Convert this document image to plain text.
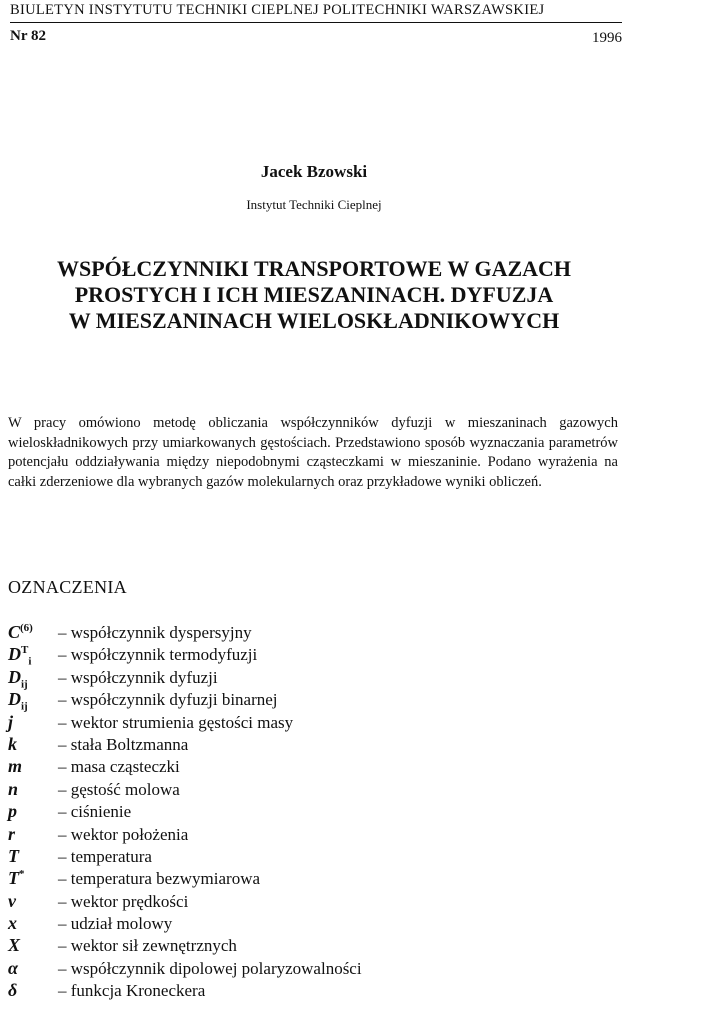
BIULETYN INSTYTUTU TECHNIKI CIEPLNEJ POLITECHNIKI WARSZAWSKIEJ
Nr 82	1996
Jacek Bzowski
Instytut Techniki Cieplnej
WSPÓŁCZYNNIKI TRANSPORTOWE W GAZACH
PROSTYCH I ICH MIESZANINACH. DYFUZJA
W MIESZANINACH WIELOSKŁADNIKOWYCH

W pracy omówiono metodę obliczania współczynników dyfuzji w mieszaninach gazowych wieloskładnikowych przy umiarkowanych gęstościach. Przedstawiono sposób wyznaczania parametrów potencjału oddziaływania między niepodobnymi cząsteczkami w mieszaninie. Podano wyrażenia na całki zderzeniowe dla wybranych gazów molekularnych oraz przykładowe wyniki obliczeń.

OZNACZENIA
$C^{(6)}$	– współczynnik dyspersyjny
$D^T_i$	– współczynnik termodyfuzji
$D_{ij}$	– współczynnik dyfuzji
$D_{ij}$	– współczynnik dyfuzji binarnej
j	– wektor strumienia gęstości masy
k	– stała Boltzmanna
m	– masa cząsteczki
n	– gęstość molowa
p	– ciśnienie
r	– wektor położenia
T	– temperatura
T*	– temperatura bezwymiarowa
v	– wektor prędkości
x	– udział molowy
X	– wektor sił zewnętrznych
α	– współczynnik dipolowej polaryzowalności
δ	– funkcja Kroneckera
